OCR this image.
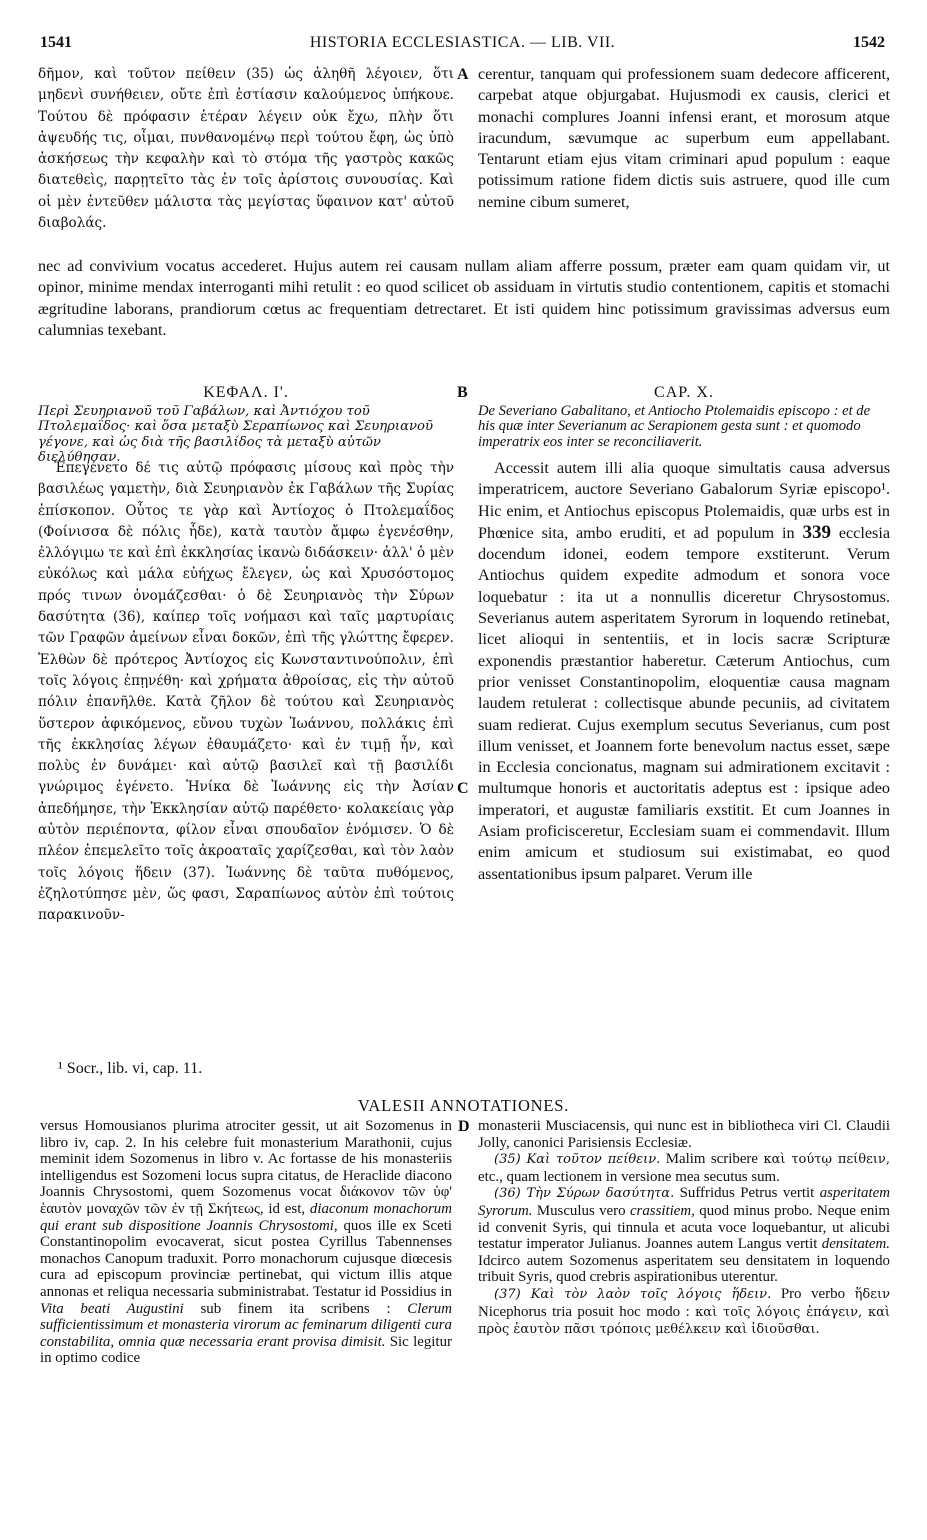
1541	HISTORIA ECCLESIASTICA. — LIB. VII.	1542

δῆμον, καὶ τοῦτον πείθειν (35) ὡς ἀληθῆ λέγοιεν, ὅτι μηδενὶ συνήθειεν, οὔτε ἐπὶ ἑστίασιν καλούμενος ὑπήκουε. Τούτου δὲ πρόφασιν ἑτέραν λέγειν οὐκ ἔχω, πλὴν ὅτι ἀψευδής τις, οἶμαι, πυνθανομένῳ περὶ τούτου ἔφη, ὡς ὑπὸ ἀσκήσεως τὴν κεφαλὴν καὶ τὸ στόμα τῆς γαστρὸς κακῶς διατεθεὶς, παρῃτεῖτο τὰς ἐν τοῖς ἀρίστοις συνουσίας. Καὶ οἱ μὲν ἐντεῦθεν μάλιστα τὰς μεγίστας ὕφαινον κατ' αὐτοῦ διαβολάς.

A cerentur, tanquam qui professionem suam dedecore afficerent, carpebat atque objurgabat. Hujusmodi ex causis, clerici et monachi complures Joanni infensi erant, et morosum atque iracundum, sævumque ac superbum eum appellabant. Tentarunt etiam ejus vitam criminari apud populum : eaque potissimum ratione fidem dictis suis astruere, quod ille cum nemine cibum sumeret,

nec ad convivium vocatus accederet. Hujus autem rei causam nullam aliam afferre possum, præter eam quam quidam vir, ut opinor, minime mendax interroganti mihi retulit : eo quod scilicet ob assiduam in virtutis studio contentionem, capitis et stomachi ægritudine laborans, prandiorum cœtus ac frequentiam detrectaret. Et isti quidem hinc potissimum gravissimas adversus eum calumnias texebant.

ΚΕΦΑΛ. Ι'.	B	CAP. X.
Περὶ Σευηριανοῦ τοῦ Γαβάλων, καὶ Ἀντιόχου τοῦ Πτολεμαΐδος· καὶ ὅσα μεταξὺ Σεραπίωνος καὶ Σευηριανοῦ γέγονε, καὶ ὡς διὰ τῆς βασιλίδος τὰ μεταξὺ αὐτῶν διελύθησαν.
De Severiano Gabalitano, et Antiocho Ptolemaidis episcopo : et de his quæ inter Severianum ac Serapionem gesta sunt : et quomodo imperatrix eos inter se reconciliaverit.

Ἐπεγένετο δέ τις αὐτῷ πρόφασις μίσους καὶ πρὸς τὴν βασιλέως γαμετὴν, διὰ Σευηριανὸν ἐκ Γαβάλων τῆς Συρίας ἐπίσκοπον. Οὗτος τε γὰρ καὶ Ἀντίοχος ὁ Πτολεμαΐδος (Φοίνισσα δὲ πόλις ἧδε), κατὰ ταυτὸν ἄμφω ἐγενέσθην, ἐλλόγιμω τε καὶ ἐπὶ ἐκκλησίας ἱκανὼ διδάσκειν· ἀλλ' ὁ μὲν εὐκόλως καὶ μάλα εὐήχως ἔλεγεν, ὡς καὶ Χρυσόστομος πρός τινων ὀνομάζεσθαι· ὁ δὲ Σευηριανὸς τὴν Σύρων δασύτητα (36), καίπερ τοῖς νοήμασι καὶ ταῖς μαρτυρίαις τῶν Γραφῶν ἀμείνων εἶναι δοκῶν, ἐπὶ τῆς γλώττης ἔφερεν. Ἐλθὼν δὲ πρότερος Ἀντίοχος εἰς Κωνσταντινούπολιν, ἐπὶ τοῖς λόγοις ἐπῃνέθη· καὶ χρήματα ἀθροίσας, εἰς τὴν αὐτοῦ πόλιν ἐπανῆλθε. Κατὰ ζῆλον δὲ τούτου καὶ Σευηριανὸς ὕστερον ἀφικόμενος, εὔνου τυχὼν Ἰωάννου, πολλάκις ἐπὶ τῆς ἐκκλησίας λέγων ἐθαυμάζετο· καὶ ἐν τιμῇ ἦν, καὶ πολὺς ἐν δυνάμει· καὶ αὐτῷ βασιλεῖ καὶ τῇ βασιλίδι γνώριμος ἐγένετο. Ἡνίκα δὲ Ἰωάννης εἰς τὴν Ἀσίαν ἀπεδήμησε, τὴν Ἐκκλησίαν αὐτῷ παρέθετο· κολακείαις γὰρ αὐτὸν περιέποντα, φίλον εἶναι σπουδαῖον ἐνόμισεν. Ὁ δὲ πλέον ἐπεμελεῖτο τοῖς ἀκροαταῖς χαρίζεσθαι, καὶ τὸν λαὸν τοῖς λόγοις ἥδειν (37). Ἰωάννης δὲ ταῦτα πυθόμενος, ἐζηλοτύπησε μὲν, ὥς φασι, Σαραπίωνος αὐτὸν ἐπὶ τούτοις παρακινοῦν-

C

Accessit autem illi alia quoque simultatis causa adversus imperatricem, auctore Severiano Gabalorum Syriæ episcopo¹. Hic enim, et Antiochus episcopus Ptolemaidis, quæ urbs est in Phœnice sita, ambo eruditi, et ad populum in 339 ecclesia docendum idonei, eodem tempore exstiterunt. Verum Antiochus quidem expedite admodum et sonora voce loquebatur : ita ut a nonnullis diceretur Chrysostomus. Severianus autem asperitatem Syrorum in loquendo retinebat, licet alioqui in sententiis, et in locis sacræ Scripturæ exponendis præstantior haberetur. Cæterum Antiochus, cum prior venisset Constantinopolim, eloquentiæ causa magnam laudem retulerat : collectisque abunde pecuniis, ad civitatem suam redierat. Cujus exemplum secutus Severianus, cum post illum venisset, et Joannem forte benevolum nactus esset, sæpe in Ecclesia concionatus, magnam sui admirationem excitavit : multumque honoris et auctoritatis adeptus est : ipsique adeo imperatori, et augustæ familiaris exstitit. Et cum Joannes in Asiam proficisceretur, Ecclesiam suam ei commendavit. Illum enim amicum et studiosum sui existimabat, eo quod assentationibus ipsum palparet. Verum ille

¹ Socr., lib. vi, cap. 11.
VALESII ANNOTATIONES.

versus Homousianos plurima atrociter gessit, ut ait Sozomenus in libro iv, cap. 2. In his celebre fuit monasterium Marathonii, cujus meminit idem Sozomenus in libro v. Ac fortasse de his monasteriis intelligendus est Sozomeni locus supra citatus, de Heraclide diacono Joannis Chrysostomi, quem Sozomenus vocat διάκονον τῶν ὑφ' ἑαυτὸν μοναχῶν τῶν ἐν τῇ Σκήτεως, id est, diaconum monachorum qui erant sub dispositione Joannis Chrysostomi, quos ille ex Sceti Constantinopolim evocaverat, sicut postea Cyrillus Tabennenses monachos Canopum traduxit. Porro monachorum cujusque diœcesis cura ad episcopum provinciæ pertinebat, qui victum illis atque annonas et reliqua necessaria subministrabat. Testatur id Possidius in Vita beati Augustini sub finem ita scribens : Clerum sufficientissimum et monasteria virorum ac feminarum diligenti cura constabilita, omnia quæ necessaria erant provisa dimisit. Sic legitur in optimo codice

D monasterii Musciacensis, qui nunc est in bibliotheca viri Cl. Claudii Jolly, canonici Parisiensis Ecclesiæ.

(35) Καὶ τοῦτον πείθειν. Malim scribere καὶ τούτῳ πείθειν, etc., quam lectionem in versione mea secutus sum.

(36) Τὴν Σύρων δασύτητα. Suffridus Petrus vertit asperitatem Syrorum. Musculus vero crassitiem, quod minus probo. Neque enim id convenit Syris, qui tinnula et acuta voce loquebantur, ut alicubi testatur imperator Julianus. Joannes autem Langus vertit densitatem. Idcirco autem Sozomenus asperitatem seu densitatem in loquendo tribuit Syris, quod crebris aspirationibus uterentur.

(37) Καὶ τὸν λαὸν τοῖς λόγοις ἥδειν. Pro verbo ἥδειν Nicephorus tria posuit hoc modo : καὶ τοῖς λόγοις ἐπάγειν, καὶ πρὸς ἑαυτὸν πᾶσι τρόποις μεθέλκειν καὶ ἰδιοῦσθαι.
